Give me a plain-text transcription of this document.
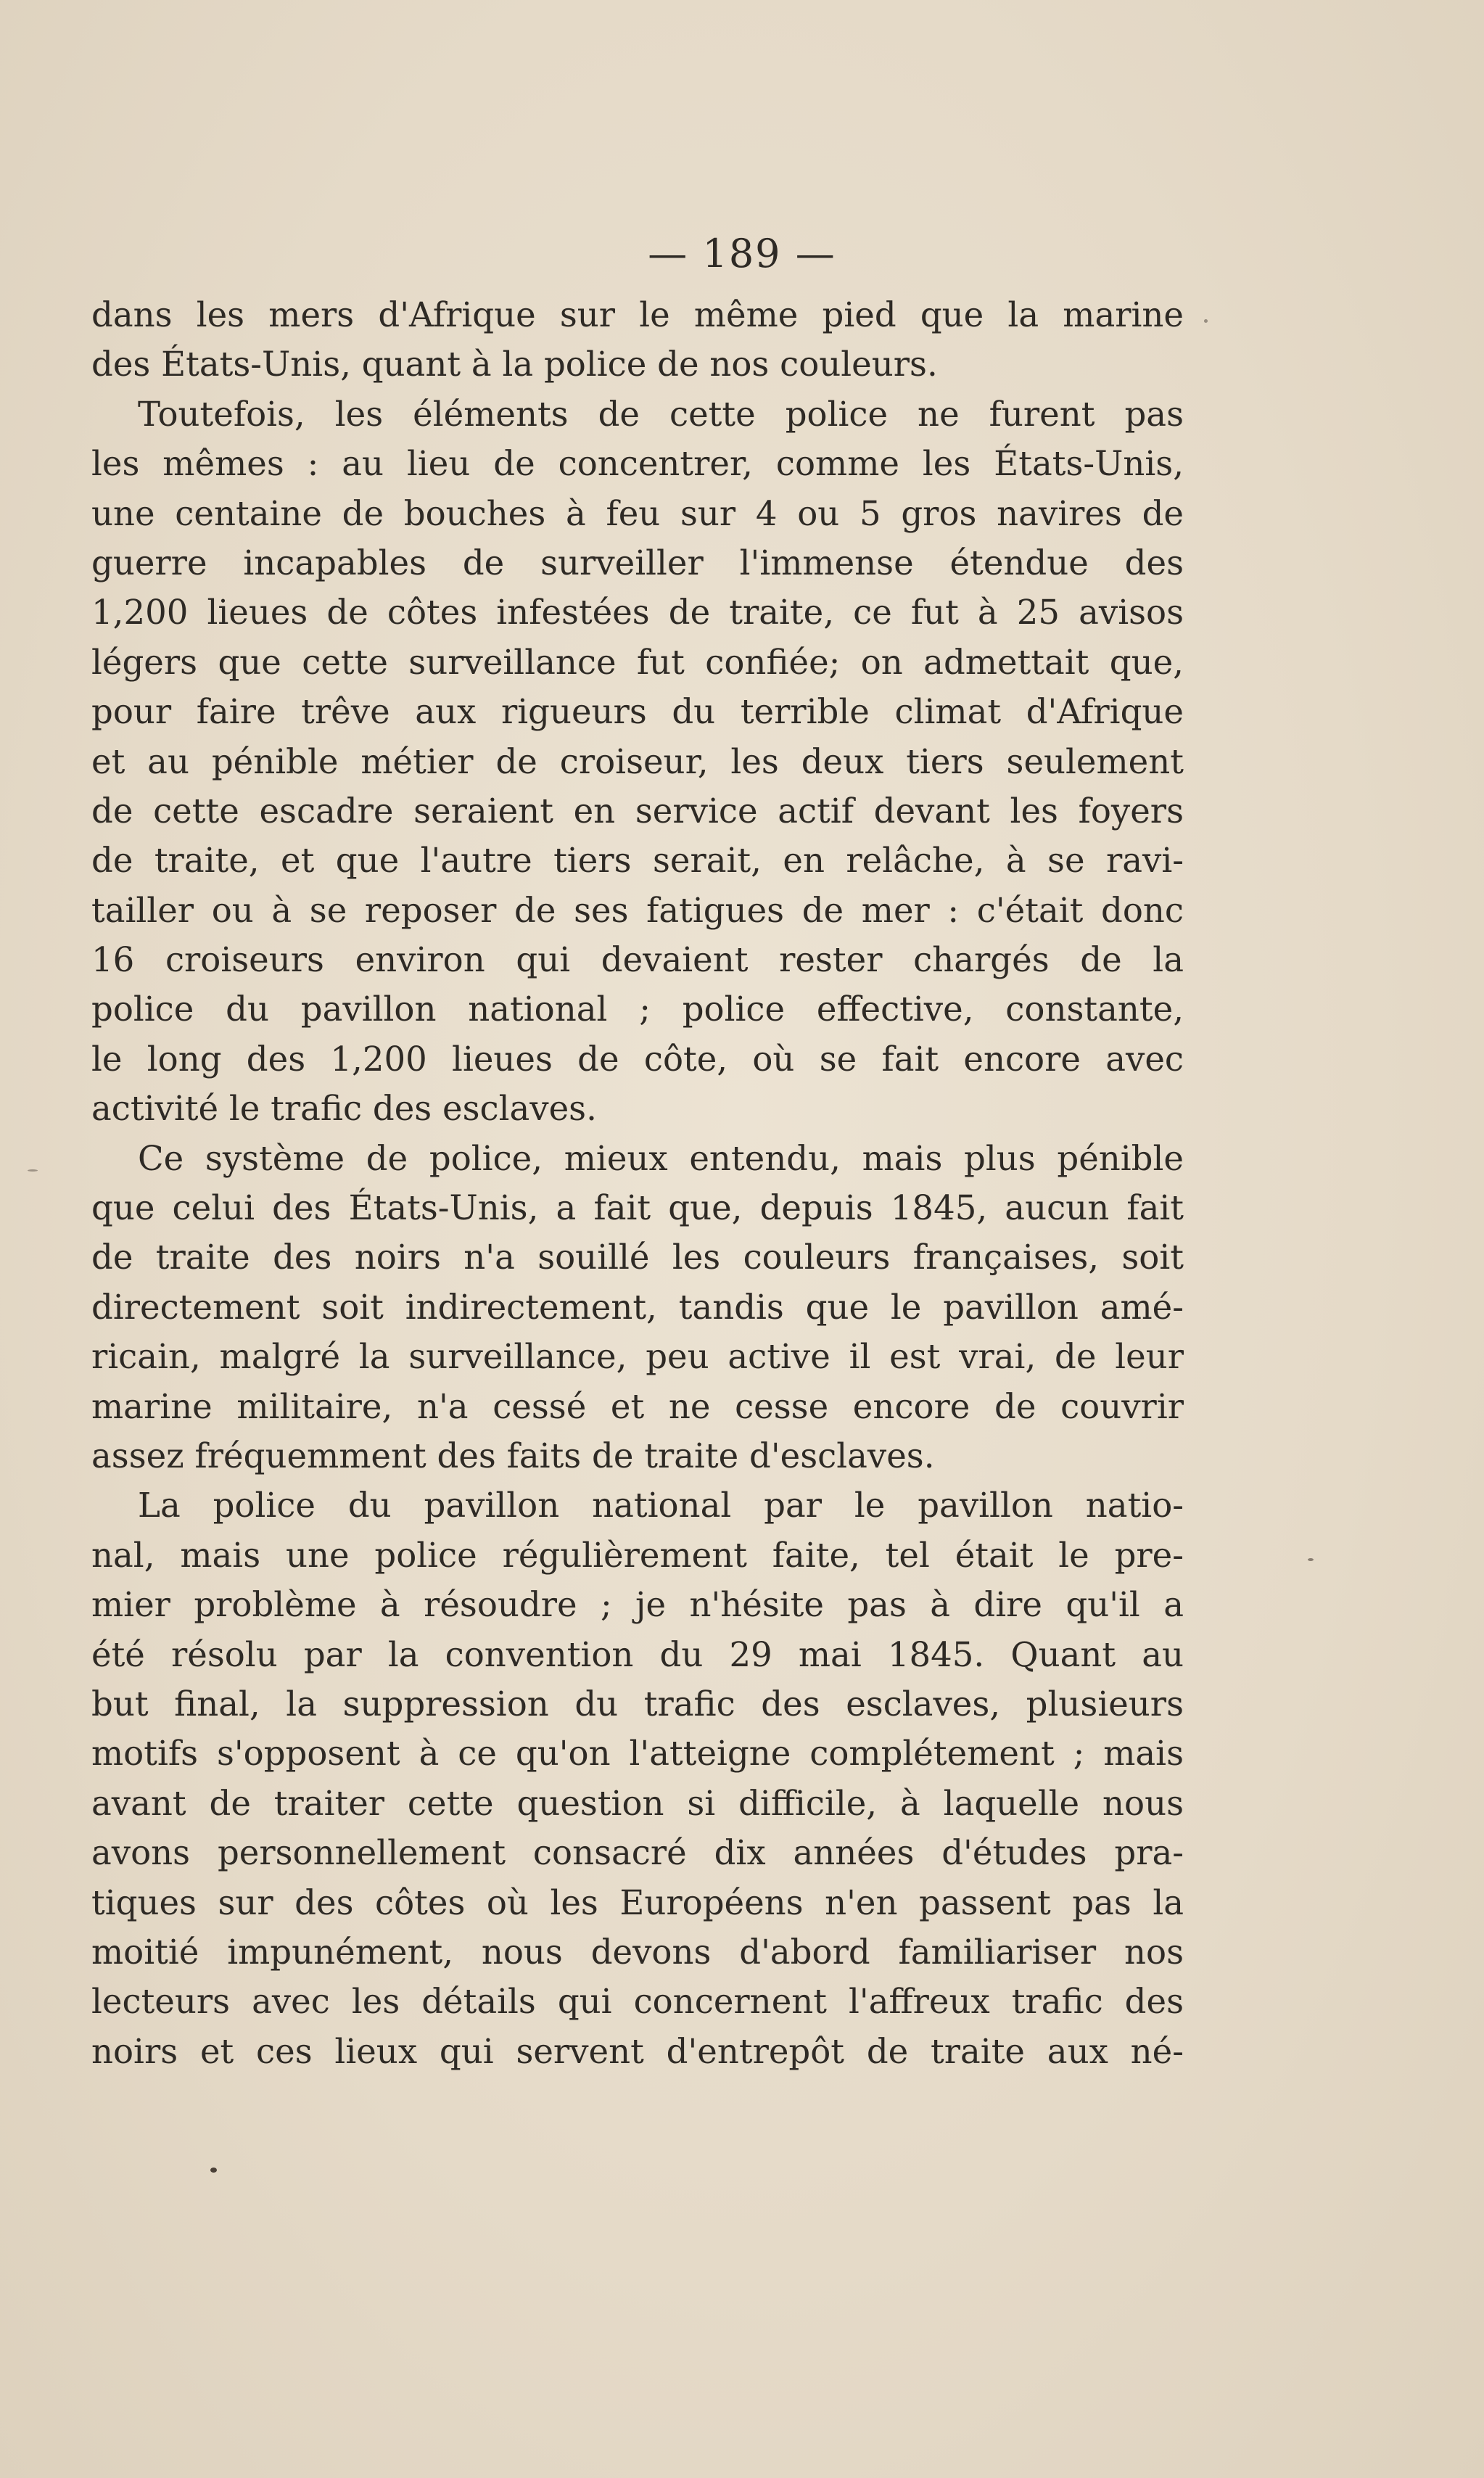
— 189 —
dans les mers d'Afrique sur le même pied que la marine
des États-Unis, quant à la police de nos couleurs.
Toutefois, les éléments de cette police ne furent pas
les mêmes : au lieu de concentrer, comme les États-Unis,
une centaine de bouches à feu sur 4 ou 5 gros navires de
guerre incapables de surveiller l'immense étendue des
1,200 lieues de côtes infestées de traite, ce fut à 25 avisos
légers que cette surveillance fut confiée; on admettait que,
pour faire trêve aux rigueurs du terrible climat d'Afrique
et au pénible métier de croiseur, les deux tiers seulement
de cette escadre seraient en service actif devant les foyers
de traite, et que l'autre tiers serait, en relâche, à se ravi-
tailler ou à se reposer de ses fatigues de mer : c'était donc
16 croiseurs environ qui devaient rester chargés de la
police du pavillon national ; police effective, constante,
le long des 1,200 lieues de côte, où se fait encore avec
activité le trafic des esclaves.
Ce système de police, mieux entendu, mais plus pénible
que celui des États-Unis, a fait que, depuis 1845, aucun fait
de traite des noirs n'a souillé les couleurs françaises, soit
directement soit indirectement, tandis que le pavillon amé-
ricain, malgré la surveillance, peu active il est vrai, de leur
marine militaire, n'a cessé et ne cesse encore de couvrir
assez fréquemment des faits de traite d'esclaves.
La police du pavillon national par le pavillon natio-
nal, mais une police régulièrement faite, tel était le pre-
mier problème à résoudre ; je n'hésite pas à dire qu'il a
été résolu par la convention du 29 mai 1845. Quant au
but final, la suppression du trafic des esclaves, plusieurs
motifs s'opposent à ce qu'on l'atteigne complétement ; mais
avant de traiter cette question si difficile, à laquelle nous
avons personnellement consacré dix années d'études pra-
tiques sur des côtes où les Européens n'en passent pas la
moitié impunément, nous devons d'abord familiariser nos
lecteurs avec les détails qui concernent l'affreux trafic des
noirs et ces lieux qui servent d'entrepôt de traite aux né-
